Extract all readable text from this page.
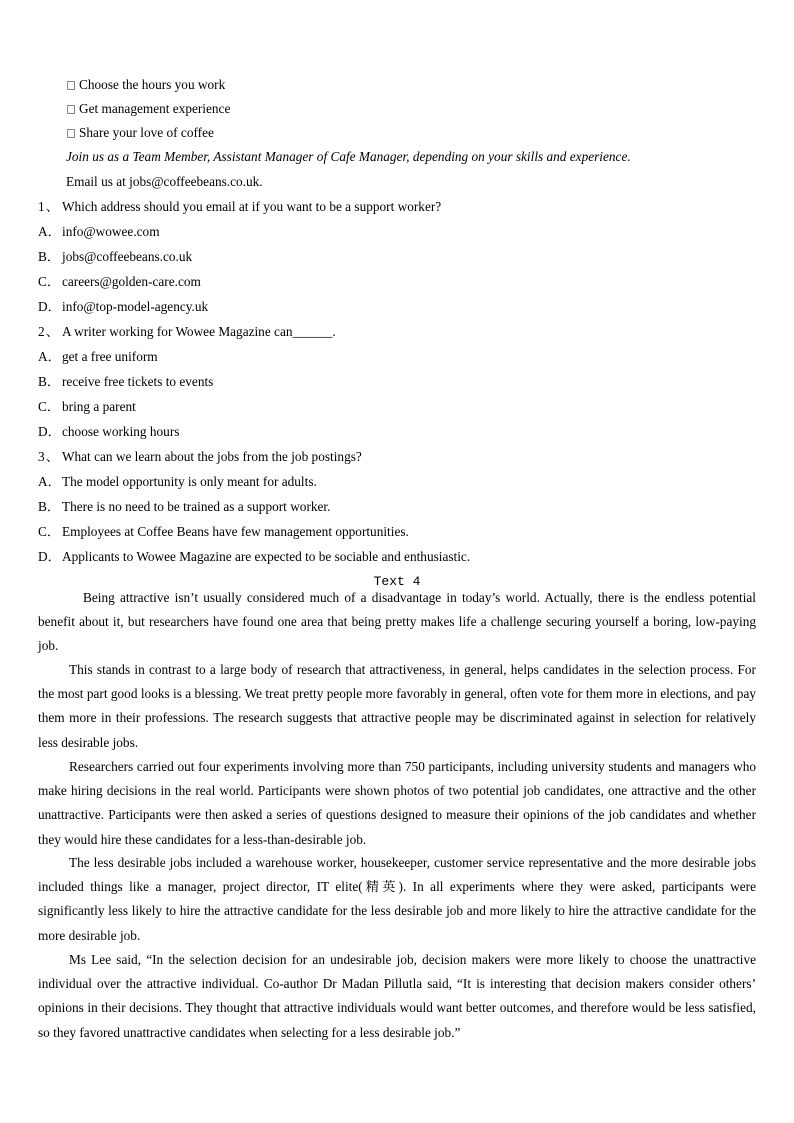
Choose the hours you work
Get management experience
Share your love of coffee
Join us as a Team Member, Assistant Manager of Cafe Manager, depending on your skills and experience.
Email us at jobs@coffeebeans.co.uk.
1、 Which address should you email at if you want to be a support worker?
A．info@wowee.com
B． jobs@coffeebeans.co.uk
C． careers@golden-care.com
D．info@top-model-agency.uk
2、 A writer working for Wowee Magazine can______.
A．get a free uniform
B． receive free tickets to events
C． bring a parent
D．choose working hours
3、 What can we learn about the jobs from the job postings?
A．The model opportunity is only meant for adults.
B． There is no need to be trained as a support worker.
C． Employees at Coffee Beans have few management opportunities.
D．Applicants to Wowee Magazine are expected to be sociable and enthusiastic.
Text 4

Being attractive isn’t usually considered much of a disadvantage in today’s world. Actually, there is the endless potential benefit about it, but researchers have found one area that being pretty makes life a challenge securing yourself a boring, low-paying job.

This stands in contrast to a large body of research that attractiveness, in general, helps candidates in the selection process. For the most part good looks is a blessing. We treat pretty people more favorably in general, often vote for them more in elections, and pay them more in their professions. The research suggests that attractive people may be discriminated against in selection for relatively less desirable jobs.

Researchers carried out four experiments involving more than 750 participants, including university students and managers who make hiring decisions in the real world. Participants were shown photos of two potential job candidates, one attractive and the other unattractive. Participants were then asked a series of questions designed to measure their opinions of the job candidates and whether they would hire these candidates for a less-than-desirable job.

The less desirable jobs included a warehouse worker, housekeeper, customer service representative and the more desirable jobs included things like a manager, project director, IT elite(精英). In all experiments where they were asked, participants were significantly less likely to hire the attractive candidate for the less desirable job and more likely to hire the attractive candidate for the more desirable job.

Ms Lee said, “In the selection decision for an undesirable job, decision makers were more likely to choose the unattractive individual over the attractive individual. Co-author Dr Madan Pillutla said, “It is interesting that decision makers consider others’ opinions in their decisions. They thought that attractive individuals would want better outcomes, and therefore would be less satisfied, so they favored unattractive candidates when selecting for a less desirable job.”
